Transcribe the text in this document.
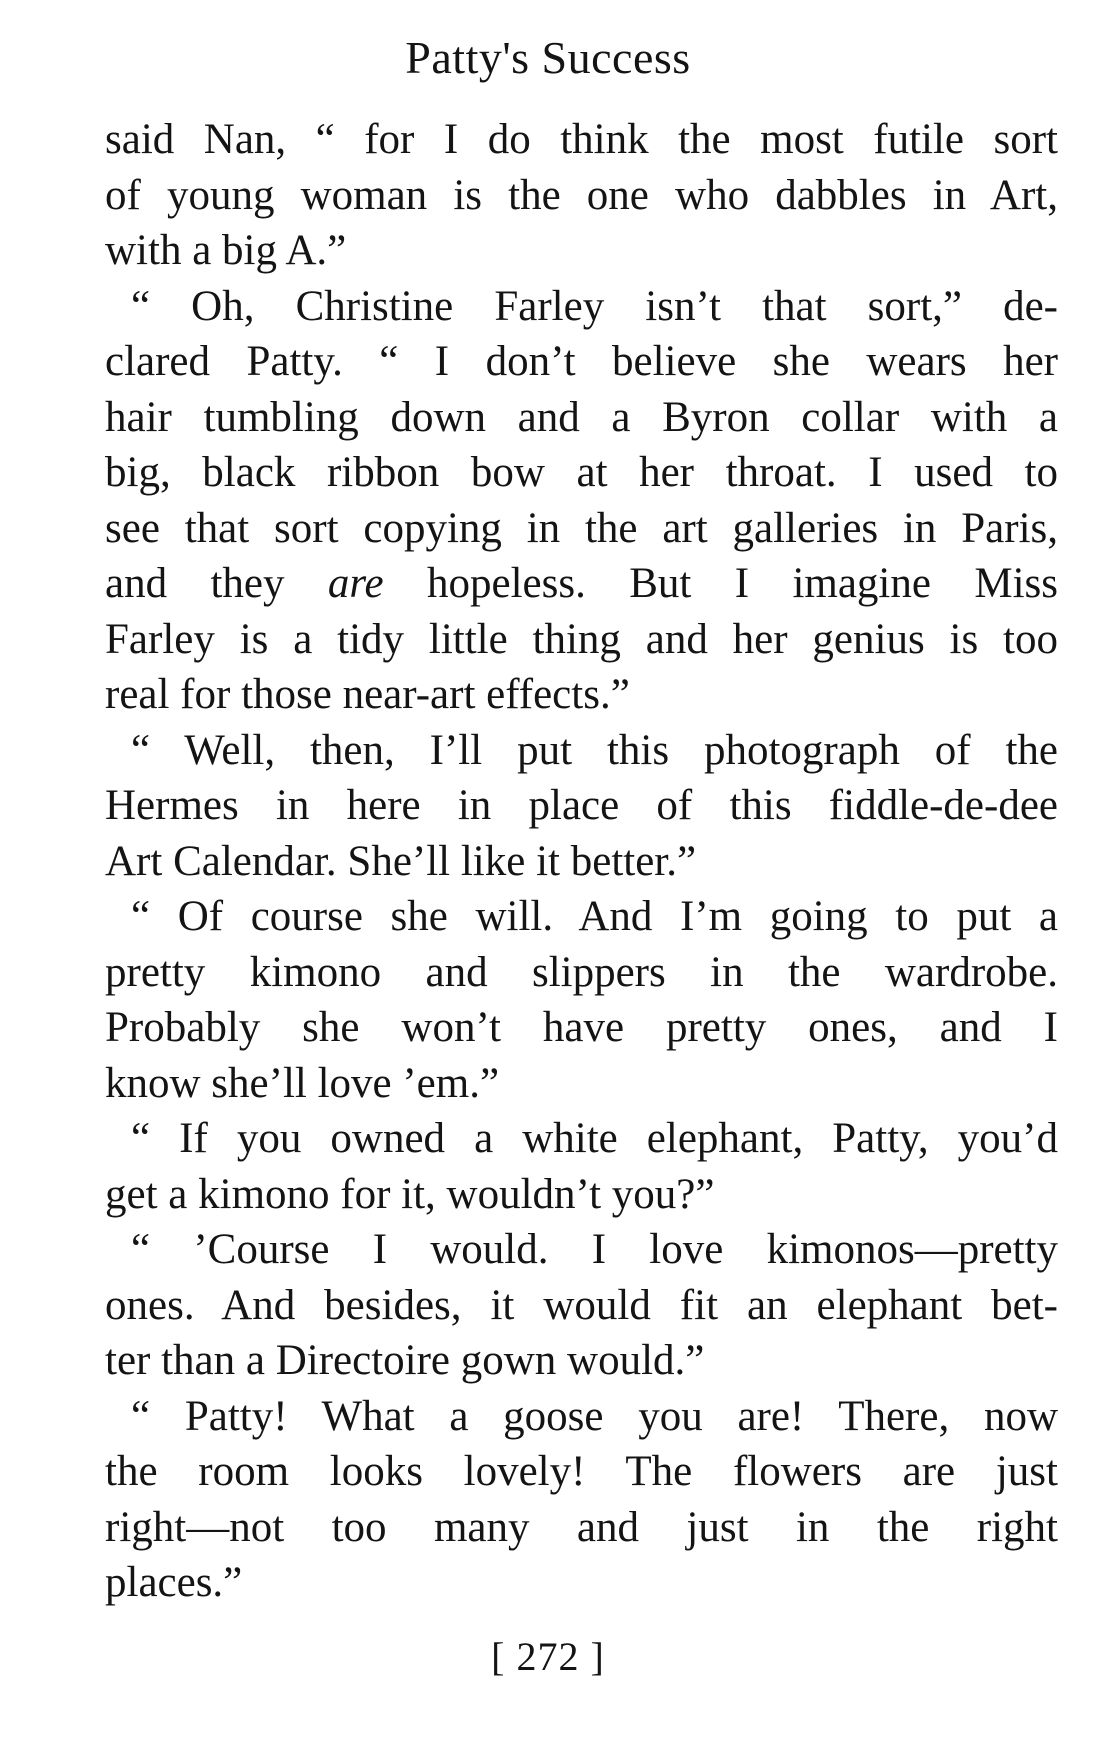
Patty's Success
said Nan, “ for I do think the most futile sort
of young woman is the one who dabbles in Art,
with a big A.”
“ Oh, Christine Farley isn’t that sort,” de-
clared Patty. “ I don’t believe she wears her
hair tumbling down and a Byron collar with a
big, black ribbon bow at her throat. I used to
see that sort copying in the art galleries in Paris,
and they are hopeless. But I imagine Miss
Farley is a tidy little thing and her genius is too
real for those near-art effects.”
“ Well, then, I’ll put this photograph of the
Hermes in here in place of this fiddle-de-dee
Art Calendar. She’ll like it better.”
“ Of course she will. And I’m going to put a
pretty kimono and slippers in the wardrobe.
Probably she won’t have pretty ones, and I
know she’ll love ’em.”
“ If you owned a white elephant, Patty, you’d
get a kimono for it, wouldn’t you?”
“ ’Course I would. I love kimonos—pretty
ones. And besides, it would fit an elephant bet-
ter than a Directoire gown would.”
“ Patty! What a goose you are! There, now
the room looks lovely! The flowers are just
right—not too many and just in the right
places.”
[ 272 ]
